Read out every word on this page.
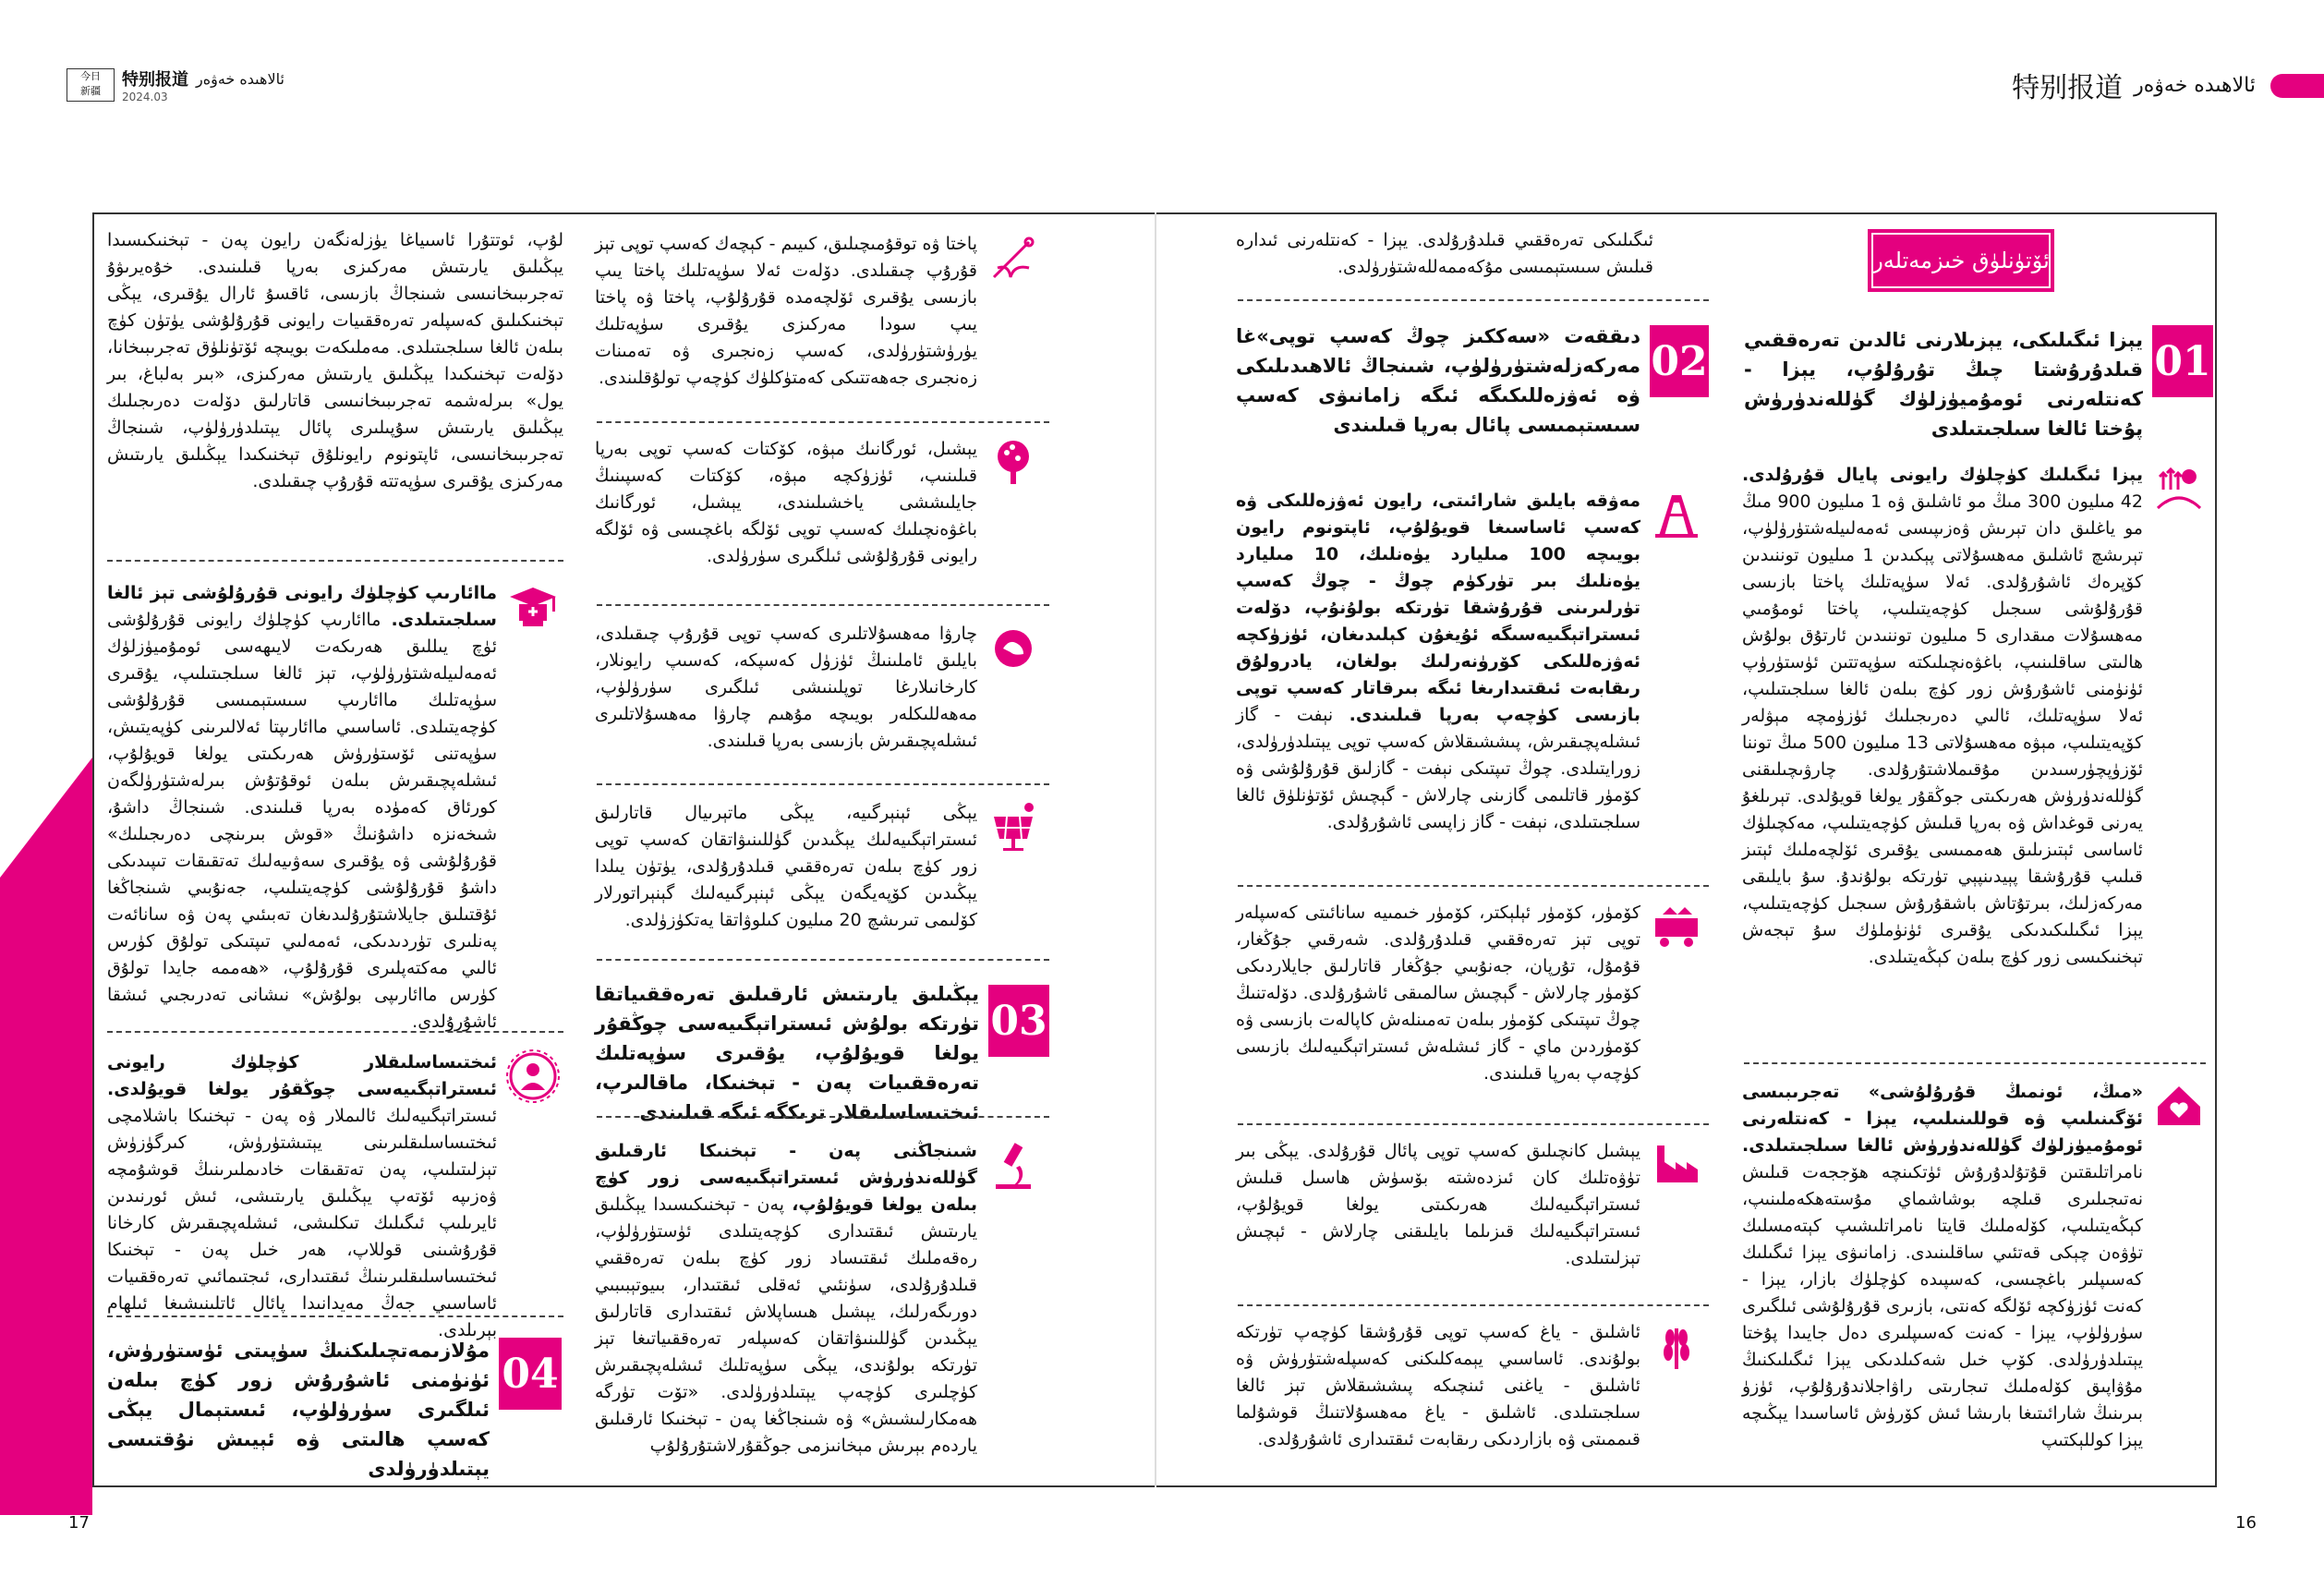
今日
新疆
特别报道 ئالاھىدە خەۋەر
2024.03
ئالاھىدە خەۋەر
特别报道
17	16
ئۆتۈنلۈق خىزمەتلەر
01
يېزا ئىگىلىكى، يېزىلارنى ئالدىن تەرەققىي قىلدۇرۇشتا چىڭ تۇرۇلۇپ، يېزا - كەنتلەرنى ئومۇميۈزلۈك گۈللەندۈرۈش پۇختا ئالغا سىلجىتىلدى
يېزا ئىگىلىك كۈچلۈك رايونى پايال قۇرۇلدى. 42 مىليون 300 مىڭ مو ئاشلىق ۋە 1 مىليون 900 مىڭ مو ياغلىق دان تېرىش ۋەزىپىسى ئەمەلىيلەشتۈرۈلۈپ، تېرىشچ ئاشلىق مەھسۇلاتى پېكىدىن 1 مىليون توننىدىن كۆپرەك ئاشۇرۇلدى. ئەلا سۈپەتلىك پاختا بازىسى قۇرۇلۇشى سىجىل كۈچەيتىلىپ، پاختا ئومۇمىي مەھسۇلات مىقدارى 5 مىليون توننىدىن ئارتۇق بولۇش ھالىتى ساقلىنىپ، باغۋەنچىلىكتە سۈپەتتىن ئۈستۈرۈپ ئۈنۈمنى ئاشۇرۇش زور كۈچ بىلەن ئالغا سىلجىتىلىپ، ئەلا سۈپەتلىك، ئالىي دەرىجىلىك ئۈزۈمچە مېۋلەر كۆپەيتىلىپ، مېۋە مەھسۇلاتى 13 مىليون 500 مىڭ توننا ئۆزۈپچۈرسىدىن مۇقىملاشتۇرۇلدى. چارۋىچىلىقنى گۈللەندۈرۈش ھەرىكىتى جوڭقۇر يولغا قويۇلدى. تېرىلغۇ يەرنى قوغداش ۋە بەرپا قىلىش كۈچەيتىلىپ، مەكچىلۈك ئاساسى ئېتىزىلىق ھەممىسى يۇقىرى ئۆلچەملىك ئېتىز قىلىپ قۇرۇشقا پېيدىنپېي تۈرتكە بولۇندۇ. سۇ بايلىقى مەركەزلىك، بىرتۇتاش باشقۇرۇش سىجىل كۈچەيتىلىپ، يېزا ئىگىلىكىدىكى يۇقىرى ئۈنۈملۈك سۇ تېجەش تېخنىكىسى زور كۈچ بىلەن كېڭەيتىلدى.
«مىڭ، ئونمىڭ قۇرۇلۇشى» تەجرىبىسى ئۆگىنىلىپ ۋە قوللىنىلىپ، يېزا - كەنتلەرنى ئومۇميۈزلۈك گۈللەندۈرۈش ئالغا سىلجىتىلدى. نامراتلىقتىن قۇتۇلدۇرۇش ئۈتكىنچە ھۆججەت قىلىش نەتىجىلىرى قىلچە بوشاشماي مۇستەھكەملىنىپ، كېڭەيتىلىپ، كۆلەملىك قايتا نامراتلىشىپ كېتەمسلىك تۈۋەن چېكى قەتئىي ساقلىنىدى. زامانىۋى يېزا ئىگىلىك كەسىپلىر باغچىسى، كەسپىدە كۈچلۈك بازار، يېزا - كەنت ئۈزۈكچە ئۆلگە كەنتى، بازىرى قۇرۇلۇشى ئىلگىرى سۈرۈلۈپ، يېزا - كەنت كەسىپلىرى دەل جايىدا پۇختا يېتىلدۈرۈلدى. كۆپ خىل شەكىلدىكى يېزا ئىگىلىكنىڭ مۇۋاپىق كۆلەملىك تىجارىتى راۋاجلاندۇرۇلۇپ، ئۈزۈ بىرىنىڭ شارائىتىغا بارىشا ئىش كۆرۈش ئاساسىدا يېڭىچە يېزا كوللېكتىپ
ئىگىلىكى تەرەققىي قىلدۇرۇلدى. يېزا - كەنتلەرنى ئىدارە قىلىش سىستېمىسى مۇكەممەللەشتۈرۈلدى.
02
دىققەت «سەككىز چوڭ كەسپ توپى»غا مەركەزلەشتۈرۈلۈپ، شىنجاڭ ئالاھىدىلىكى ۋە ئەۋزەللىكىگە ئىگە زامانىۋى كەسپ سىستېمىسى پائال بەرپا قىلىندى
مەۋقە بايلىق شارائىتى، رايون ئەۋزەللىكى ۋە كەسپ ئاساسىغا قويۇلۇپ، ئاپتونوم رايون بويىچە 100 مىليارد يۈەنلىك، 10 مىليارد يۈەنلىك بىر تۈركۈم چوڭ - چوڭ كەسپ تۈرلىرىنى قۇرۇشقا تۈرتكە بولۇنۇپ، دۆلەت ئىستراتېگىيەسىگە ئۇيغۇن كېلىدىغان، ئۈزۈكچە ئەۋزەللىكى كۆرۈنەرلىك بولغان، يادرولۇق رىقابەت ئىقتىدارىغا ئىگە بىرقاتار كەسپ توپى بازىسى كۈچەپ بەرپا قىلىندى. نېفت - گاز ئىشلەپچىقىرش، پىششىقلاش كەسپ توپى يېتىلدۈرۈلدى، زورايتىلدى. چوڭ تىپتىكى نېفت - گازلىق قۇرۇلۇشى ۋە كۆمۈر قاتلىمى گازىنى چارلاش - گېچىش ئۆتۈنلۈق ئالغا سىلجىتىلدى، نېفت - گاز زاپسى ئاشۇرۇلدى.
كۆمۈر، كۆمۈر ئېلېكتر، كۆمۈر خىمىيە سانائىتى كەسپلەر توپى تېز تەرەققىي قىلدۇرۇلدى. شەرقىي جۇڭغار، قۇمۇل، تۇرپان، جەنۇبىي جۇڭغار قاتارلىق جايلاردىكى كۆمۈر چارلاش - گېچىش سالمىقى ئاشۇرۇلدى. دۆلەتنىڭ چوڭ تىپتىكى كۆمۈر بىلەن تەمىنلەش كاپالەت بازىسى ۋە كۆمۈردىن ماي - گاز ئىشلەش ئىستراتېگىيەلىك بازىسى كۈچەپ بەرپا قىلىندى.
يېشىل كانچىلىق كەسپ توپى پائال قۇرۇلدى. يېڭى بىر تۈۋەتلىك كان ئىزدەشتە بۆسۈش ھاسىل قىلىش ئىستراتېگىيەلىك ھەرىكىتى يولغا قويۇلۇپ، ئىستراتېگىيەلىك قىزىلما بايلىقنى چارلاش - ئېچىش تېزلىتىلدى.
ئاشلىق - ياغ كەسپ توپى قۇرۇشقا كۈچەپ تۈرتكە بولۇندى. ئاساسىي يېمەكلىكنى كەسپلەشتۈرۈش ۋە ئاشلىق - ياغنى ئىنچىكە پىششىقلاش تېز ئالغا سىلجىتىلدى. ئاشلىق - ياغ مەھسۇلاتنىڭ قوشۇلما قىممىتى ۋە بازاردىكى رىقابەت ئىقتىدارى ئاشۇرۇلدى.
پاختا ۋە توقۇمىچىلىق، كىيىم - كېچەك كەسپ توپى تېز قۇرۇپ چىقىلدى. دۆلەت ئەلا سۈپەتلىك پاختا يىپ بازىسى يۇقىرى ئۆلچەمدە قۇرۇلۇپ، پاختا ۋە پاختا يىپ سودا مەركىزى يۇقىرى سۈپەتلىك يۈرۈشتۈرۈلدى، كەسپ زەنجىرى ۋە تەمىنات زەنجىرى جەھەتتىكى كەمتۈكلۈك كۈچەپ تولۇقلىندى.
يېشىل، ئورگانىك مېۋە، كۆكتات كەسپ توپى بەرپا قىلىنىپ، ئۈزۈكچە مېۋە، كۆكتات كەسپىنىڭ جايلىششى ياخشىلىندى، يېشىل، ئورگانىك باغۋەنچىلىك كەسىپ توپى ئۆلگە باغچىسى ۋە ئۆلگە رايونى قۇرۇلۇشى ئىلگىرى سۈرۈلدى.
چارۋا مەھسۇلاتلىرى كەسپ توپى قۇرۇپ چىقىلدى، بايلىق ئاملىنىڭ ئۈزۈل كەسپكە، كەسىپ رايونلار، كارخانىلارغا توپلىنىشى ئىلگىرى سۈرۈلۈپ، مەھەللىكلەر بويىچە مۇھىم چارۋا مەھسۇلاتلىرى ئىشلەپچىقىرش بازىسى بەرپا قىلىندى.
يېڭى ئېنېرگىيە، يېڭى ماتېرىيال قاتارلىق ئىستراتېگىيەلىك يېڭىدىن گۈللىنىۋاتقان كەسپ توپى زور كۈچ بىلەن تەرەققىي قىلدۇرۇلدى، يۈتۈن يىلدا يېڭىدىن كۆپەيگەن يېڭى ئېنېرگىيەلىك گېنېراتورلار كۆلىمى تىرىشچ 20 مىليون كىلوۋاتقا يەتكۈزۈلدى.
03
يېڭىلىق يارىتىش ئارقىلىق تەرەققىياتقا تۈرتكە بولۇش ئىستراتېگىيەسى چوڭقۇر يولغا قويۇلۇپ، يۇقىرى سۈپەتلىك تەرەققىيات پەن - تېخنىكا، ماقالىرپ، ئىختىساسلىقلار ترىكگە ئىگە قىلىندى
شىنجاڭنى پەن - تېخنىكا ئارقىلىق گۈللەندۈرۈش ئىستراتېگىيەسى زور كۈچ بىلەن يولغا قويۇلۇپ، پەن - تېخنىكىسىدا يېڭىلىق يارىتىش ئىقتىدارى كۈچەيتىلدى ئۈستۈرۈلۈپ، رەقەملىك ئىقتىساد زور كۈچ بىلەن تەرەققىي قىلدۇرۇلدى، سۈنئىي ئەقلى ئىقتىدار، بىيوتېبىبىي دورىگەرلىك، يېشىل ھىساپلاش ئىقتىدارى قاتارلىق يېڭىدىن گۈللىنىۋاتقان كەسپلەر تەرەققىياتىغا تېز تۈرتكە بولۇندى، يېڭى سۈپەتلىك ئىشلەپچىقىرش كۈچلىرى كۈچەپ يېتىلدۈرۈلدى. «تۆت تۈرگە ھەمكارلىشىش» ۋە شىنجاڭغا پەن - تېخنىكا ئارقىلىق ياردەم بېرىش مېخانىزمى جوڭقۇرلاشتۇرۇلۇپ
لۇپ، ئوتتۇرا ئاسىياغا يۈزلەنگەن رايون پەن - تېخنىكىسىدا يېڭىلىق يارىتىش مەركىزى بەرپا قىلىنىدى. خۇەيرىۋۇ تەجرىبىخانىسى شىنجاڭ بازىسى، ئاقسۇ ئارال يۇقىرى، يېڭى تېخنىكىلىق كەسپلەر تەرەققىيات رايونى قۇرۇلۇشى يۈتۈن كۈچ بىلەن ئالغا سىلجىتىلدى. مەملىكەت بويىچە ئۆتۈنلۈق تەجرىبىخانا، دۆلەت تېخنىكىدا يېڭىلىق يارىتىش مەركىزى، «بىر بەلباغ، بىر يول» بىرلەشمە تەجرىبىخانىسى قاتارلىق دۆلەت دەرىجىلىك يېڭىلىق يارىتىش سۇپىلىرى پائال يېتىلدۈرۈلۈپ، شىنجاڭ تەجرىبىخانىسى، ئاپتونوم رايونلۇق تېخنىكىدا يېڭىلىق يارىتىش مەركىزى يۇقىرى سۈپەتتە قۇرۇپ چىقىلدى.
ماائارىپ كۈچلۈك رايونى قۇرۇلۇشى تېز ئالغا سىلجىتىلدى. ماائارىپ كۈچلۈك رايونى قۇرۇلۇشى ئۈچ يىللىق ھەرىكەت لايىھەسى ئومۇميۈزلۈك ئەمەلىيلەشتۈرۈلۈپ، تېز ئالغا سىلجىتىلىپ، يۇقىرى سۈپەتلىك ماائارىپ سىستېمىسى قۇرۇلۇشى كۈچەيتىلدى. ئاساسىي ماائارىپتا ئەلالىرىنى كۈپەيتىش، سۈپەتنى ئۆستۈرۈش ھەرىكىتى يولغا قويۇلۇپ، ئىشلەپچىقىرش بىلەن ئوقۇتۇش بىرلەشتۈرۈلگەن كورئاق كەمۈدە بەرپا قىلىندى. شىنجاڭ داشۇ، شىخەنزە داشۇنىڭ «قوش بىرىنچى دەرىجىلىك» قۇرۇلۇشى ۋە يۇقىرى سەۋىيەلىك تەتقىقات تىپىدىكى داشۇ قۇرۇلۇشى كۈچەيتىلىپ، جەنۇبىي شىنجاڭغا ئۇقتىلىق جايلاشتۇرۇلىدىغان تەبىئىي پەن ۋە سانائەت پەنلىرى تۈردىدىكى، ئەمەلىي تىپتىكى تولۇق كۈرس ئالىي مەكتەپلىرى قۇرۇلۇپ، «ھەممە جايدا تولۇق كۈرس ماائارىپى بولۇش» نىشانى تەدرىجىي ئىشقا ئاشۇرۇلدى.
ئىختىساسلىقلار كۈچلۈك رايونى ئىستراتېگىيەسى چوڭقۇر يولغا قويۇلدى. ئىستراتېگىيەلىك ئالىملار ۋە پەن - تېخنىكا باشلامچى ئىختىساسلىقلىرىنى يېتىشتۈرۈش، كىرگۈزۈش تېزلىتىلىپ، پەن تەتقىقات خادىملىرىنىڭ قوشۇمچە ۋەزىپە ئۆتەپ يېڭىلىق يارىتىشى، ئىش ئورنىدىن ئايرىلىپ ئىگىلىك تىكلىشى، ئىشلەپچىقىرش كارخانا قۇرۇشىنى قوللاپ، ھەر خىل پەن - تېخنىكا ئىختىساسلىقلىرىنىڭ ئىقتىدارى، ئىجتىمائىي تەرەققىيات ئاساسىي جەڭ مەيدانىدا پائال ئاتلىنىشىغا ئىلھام بېرىلدى.
04
مۇلازىمەتچىلىكنىڭ سۈپىتى ئۈستۈرۈش، ئۈنۈمنى ئاشۇرۇش زور كۈچ بىلەن ئىلگىرى سۈرۈلۈپ، ئىستېمال يېڭى كەسپ ھالىتى ۋە ئېيىش نۇقتىسى يېتىلدۈرۈلدى
